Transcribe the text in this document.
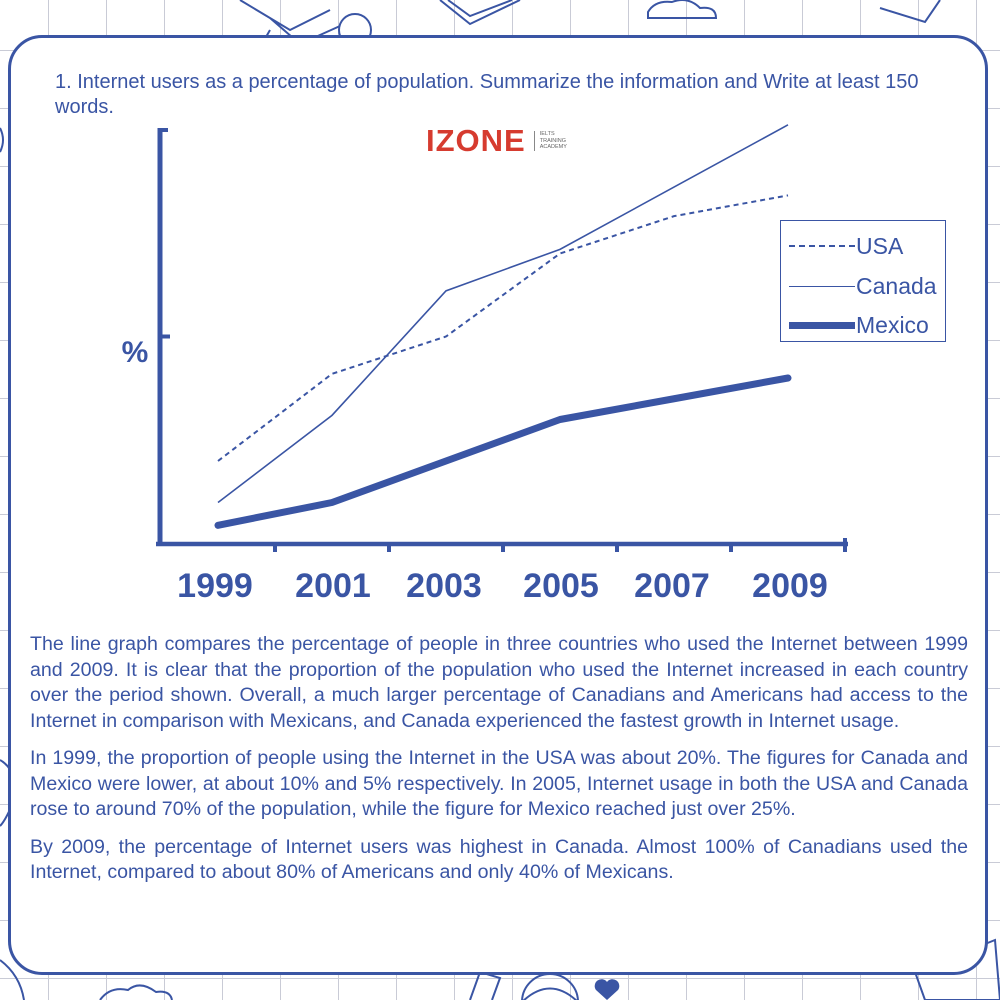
1. Internet users as a percentage of population. Summarize the information and Write at least 150 words.
IZONE	IELTS
TRAINING
ACADEMY
1999 2001 2003 2005 2007 2009
%
USA
Canada
Mexico

The line graph compares the percentage of people in three countries who used the Internet between 1999 and 2009. It is clear that the proportion of the population who used the Internet increased in each country over the period shown. Overall, a much larger percentage of Canadians and Americans had access to the Internet in comparison with Mexicans, and Canada experienced the fastest growth in Internet usage.

In 1999, the proportion of people using the Internet in the USA was about 20%. The figures for Canada and Mexico were lower, at about 10% and 5% respectively. In 2005, Internet usage in both the USA and Canada rose to around 70% of the population, while the figure for Mexico reached just over 25%.

By 2009, the percentage of Internet users was highest in Canada. Almost 100% of Canadians used the Internet, compared to about 80% of Americans and only 40% of Mexicans.
